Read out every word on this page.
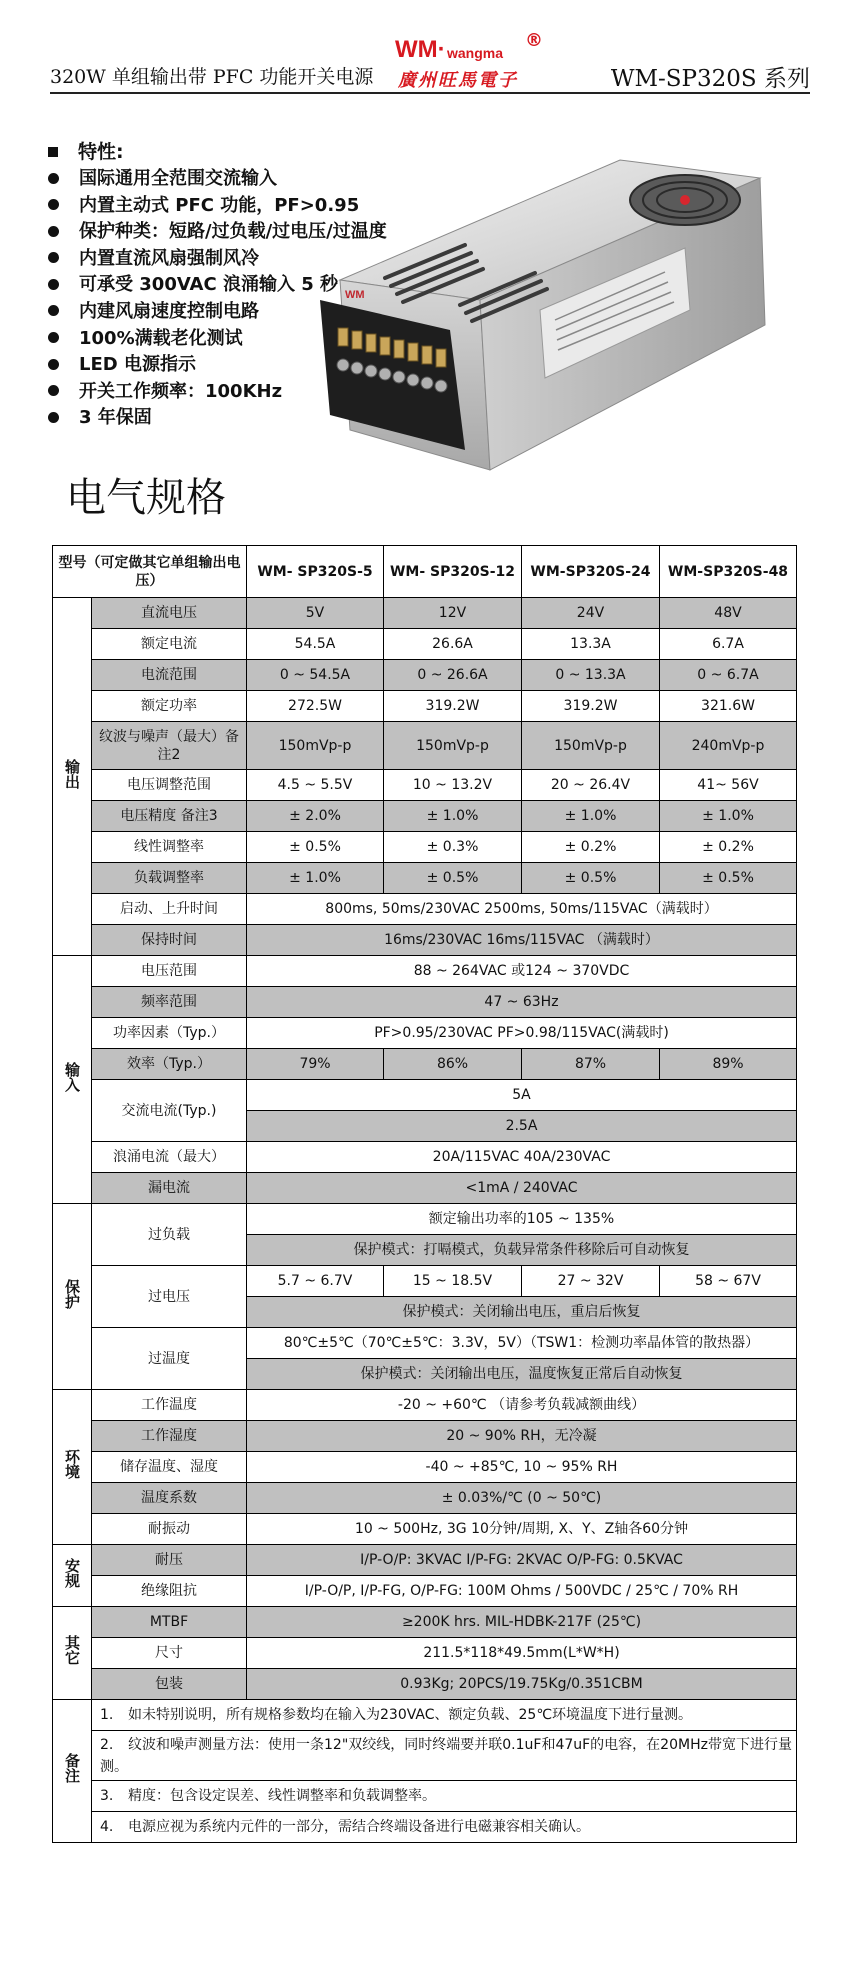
320W 单组输出带 PFC 功能开关电源
WM· wangma
®
廣州旺馬電子	WM-SP320S 系列
特性:
国际通用全范围交流输入
内置主动式 PFC 功能，PF>0.95
保护种类：短路/过负载/过电压/过温度
内置直流风扇强制风冷
可承受 300VAC 浪涌输入 5 秒
内建风扇速度控制电路
100%满载老化测试
LED 电源指示
开关工作频率：100KHz
3 年保固
WM
电气规格
型号（可定做其它单组输出电压）		WM- SP320S-5	WM- SP320S-12	WM-SP320S-24	WM-SP320S-48
输出	直流电压	5V	12V	24V	48V
	额定电流	54.5A	26.6A	13.3A	6.7A
	电流范围	0 ~ 54.5A	0 ~ 26.6A	0 ~ 13.3A	0 ~ 6.7A
	额定功率	272.5W	319.2W	319.2W	321.6W
	纹波与噪声（最大）备注2	150mVp-p	150mVp-p	150mVp-p	240mVp-p
	电压调整范围	4.5 ~ 5.5V	10 ~ 13.2V	20 ~ 26.4V	41~ 56V
	电压精度 备注3	± 2.0%	± 1.0%	± 1.0%	± 1.0%
	线性调整率	± 0.5%	± 0.3%	± 0.2%	± 0.2%
	负载调整率	± 1.0%	± 0.5%	± 0.5%	± 0.5%
	启动、上升时间	800ms, 50ms/230VAC 2500ms, 50ms/115VAC（满载时）			
	保持时间	16ms/230VAC 16ms/115VAC （满载时）			
输入	电压范围	88 ~ 264VAC 或124 ~ 370VDC			
	频率范围	47 ~ 63Hz			
	功率因素（Typ.）	PF>0.95/230VAC PF>0.98/115VAC(满载时)			
	效率（Typ.）	79%	86%	87%	89%
	交流电流(Typ.)	5A			
		2.5A			
	浪涌电流（最大）	20A/115VAC 40A/230VAC			
	漏电流	<1mA / 240VAC			
保护	过负载	额定输出功率的105 ~ 135%			
		保护模式：打嗝模式，负载异常条件移除后可自动恢复			
	过电压	5.7 ~ 6.7V	15 ~ 18.5V	27 ~ 32V	58 ~ 67V
		保护模式：关闭输出电压，重启后恢复			
	过温度	80℃±5℃（70℃±5℃：3.3V，5V）（TSW1：检测功率晶体管的散热器）			
		保护模式：关闭输出电压，温度恢复正常后自动恢复			
环境	工作温度	-20 ~ +60℃ （请参考负载减额曲线）			
	工作湿度	20 ~ 90% RH，无冷凝			
	储存温度、湿度	-40 ~ +85℃, 10 ~ 95% RH			
	温度系数	± 0.03%/℃ (0 ~ 50℃)			
	耐振动	10 ~ 500Hz, 3G 10分钟/周期, X、Y、Z轴各60分钟			
安规	耐压	I/P-O/P: 3KVAC I/P-FG: 2KVAC O/P-FG: 0.5KVAC			
	绝缘阻抗	I/P-O/P, I/P-FG, O/P-FG: 100M Ohms / 500VDC / 25℃ / 70% RH			
其它	MTBF	≥200K hrs. MIL-HDBK-217F (25℃)			
	尺寸	211.5*118*49.5mm(L*W*H)			
	包装	0.93Kg; 20PCS/19.75Kg/0.351CBM			
备注	1. 如未特别说明，所有规格参数均在输入为230VAC、额定负载、25℃环境温度下进行量测。				
	2. 纹波和噪声测量方法：使用一条12"双绞线，同时终端要并联0.1uF和47uF的电容，在20MHz带宽下进行量测。				
	3. 精度：包含设定误差、线性调整率和负载调整率。				
	4. 电源应视为系统内元件的一部分，需结合终端设备进行电磁兼容相关确认。				
